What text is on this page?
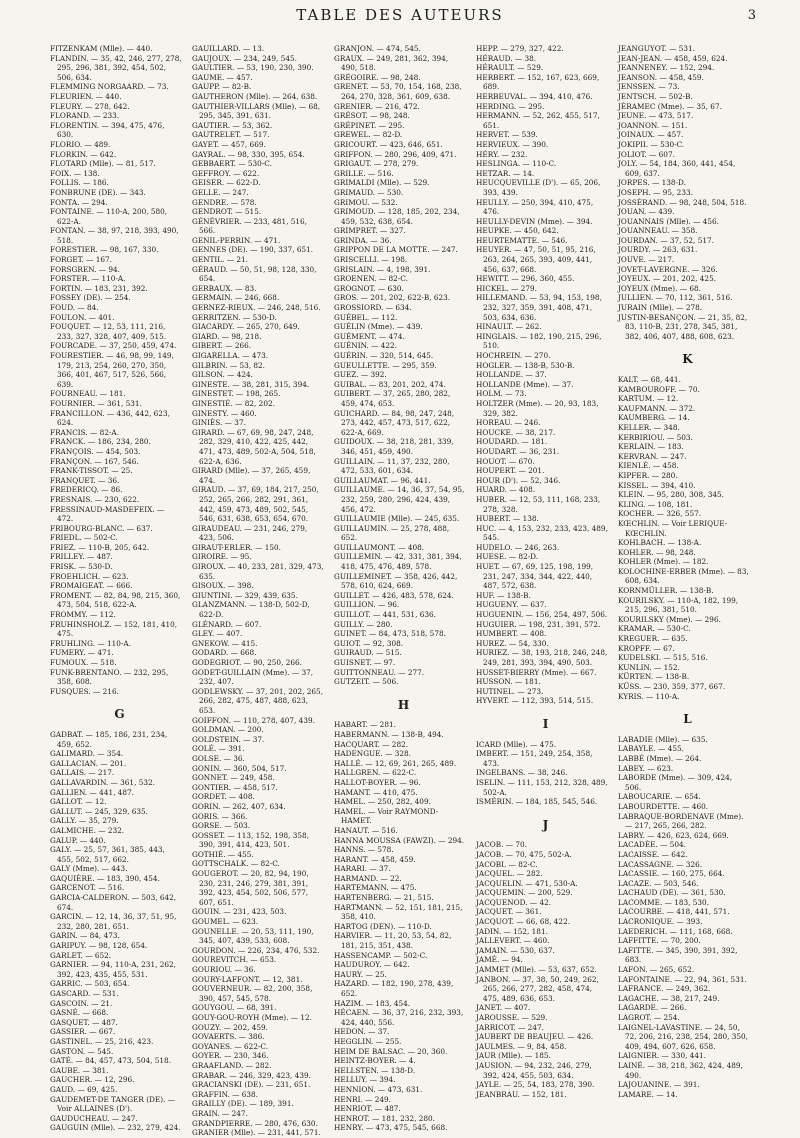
TABLE DES AUTEURS	3
FITZENKAM (Mlle). — 440.
FLANDIN. — 35, 42, 246, 277, 278, 295, 296, 381, 392, 454, 502, 506, 634.
FLEMMING NORGAARD. — 73.
FLEURIEN. — 440.
FLEURY. — 278, 642.
FLORAND. — 233.
FLORENTIN. — 394, 475, 476, 630.
FLORIO. — 489.
FLORKIN. — 642.
FLOTARD (Mlle). — 81, 517.
FOIX. — 138.
FOLLIS. — 186.
FONBRUNE (DE). — 343.
FONTA. — 294.
FONTAINE. — 110-A, 200, 580, 622-A.
FONTAN. — 38, 97, 218, 393, 490, 518.
FORESTIER. — 98, 167, 330.
FORGET. — 167.
FORSGREN. — 94.
FORSTER. — 110-A.
FORTIN. — 183, 231, 392.
FOSSEY (DE). — 254.
FOUD. — 84.
FOULON. — 401.
FOUQUET. — 12, 53, 111, 216, 233, 327, 328, 407, 409, 515.
FOURCADE. — 37, 250, 459, 474.
FOURESTIER. — 46, 98, 99, 149, 179, 213, 254, 260, 270, 350, 366, 401, 467, 517, 526, 566, 639.
FOURNEAU. — 181.
FOURNIER. — 361, 531.
FRANCILLON. — 436, 442, 623, 624.
FRANCIS. — 82-A.
FRANCK. — 186, 234, 280.
FRANÇOIS. — 454, 503.
FRANÇON. — 167, 546.
FRANK-TISSOT. — 25.
FRANQUET. — 36.
FREDERICQ. — 86.
FRESNAIS. — 230, 622.
FRESSINAUD-MASDEFEIX. — 472.
FRIBOURG-BLANC. — 637.
FRIEDL. — 502-C.
FRIEZ. — 110-B, 205, 642.
FRILLEY. — 487.
FRISK. — 530-D.
FROEHLICH. — 623.
FROMAIGEAT. — 666.
FROMENT. — 82, 84, 98, 215, 360, 473, 504, 518, 622-A.
FROMMY. — 112.
FRUHINSHOLZ. — 152, 181, 410, 475.
FRUHLING. — 110-A.
FUMERY. — 471.
FUMOUX. — 518.
FUNK-BRENTANO. — 232, 295, 358, 608.
FUSQUES. — 216.
G
GADBAT. — 185, 186, 231, 234, 459, 652.
GALIMARD. — 354.
GALLACIAN. — 201.
GALLAIS. — 217.
GALLAVARDIN. — 361, 532.
GALLIEN. — 441, 487.
GALLOT. — 12.
GALLUT. — 245, 329, 635.
GALLY. — 35, 279.
GALMICHE. — 232.
GALUP. — 440.
GALY. — 25, 57, 361, 385, 443, 455, 502, 517, 662.
GALY (Mme). — 443.
GAQUIÈRE. — 183, 390, 454.
GARCENOT. — 516.
GARCIA-CALDERON. — 503, 642, 674.
GARCIN. — 12, 14, 36, 37, 51, 95, 232, 280, 281, 651.
GARIN. — 84, 473.
GARIPUY. — 98, 128, 654.
GARLET. — 652.
GARNIER. — 94, 110-A, 231, 262, 392, 423, 435, 455, 531.
GARRIC. — 503, 654.
GASCARD. — 531.
GASCOIN. — 21.
GASNÉ. — 668.
GASQUET. — 487.
GASSIER. — 667.
GASTINEL. — 25, 216, 423.
GASTON. — 545.
GATÉ. — 84, 457, 473, 504, 518.
GAUBE. — 381.
GAUCHER. — 12, 296.
GAUD. — 69, 425.
GAUDEMET-DE TANGER (DE). — Voir ALLAINES (D').
GAUDUCHEAU. — 247.
GAUGUIN (Mlle). — 232, 279, 424.
GAUILLARD. — 13.
GAUJOUX. — 234, 249, 545.
GAULTIER. — 53, 190, 230, 390.
GAUME. — 457.
GAUPP. — 82-B.
GAUTHERON (Mlle). — 264, 638.
GAUTHIER-VILLARS (Mlle). — 68, 295, 345, 391, 631.
GAUTIER. — 53, 362.
GAUTRELET. — 517.
GAYET. — 457, 669.
GAYRAL. — 98, 330, 395, 654.
GEBBAERT. — 530-C.
GEFFROY. — 622.
GEISER. — 622-D.
GELLE. — 247.
GENDRE. — 578.
GENDROT. — 515.
GÉNÉVRIER. — 233, 481, 516, 566.
GENIL-PERRIN. — 471.
GENNES (DE). — 190, 337, 651.
GENTIL. — 21.
GÉRAUD. — 50, 51, 98, 128, 330, 654.
GERBAUX. — 83.
GERMAIN. — 246, 668.
GERNEZ-RIEUX. — 246, 248, 516.
GERRITZEN. — 530-D.
GIACARDY. — 265, 270, 649.
GIARD. — 98, 218.
GIBERT. — 266.
GIGARELLA. — 473.
GILBRIN. — 53, 82.
GILSON. — 424.
GINESTE. — 38, 281, 315, 394.
GINESTET. — 198, 265.
GINESTIÉ. — 82, 202.
GINESTY. — 460.
GINIÈS. — 37.
GIRARD. — 67, 69, 98, 247, 248, 282, 329, 410, 422, 425, 442, 471, 473, 489, 502-A, 504, 518, 622-A, 636.
GIRARD (Mlle). — 37, 265, 459, 474.
GIRAUD. — 37, 69, 184, 217, 250, 252, 265, 266, 282, 291, 361, 442, 459, 473, 489, 502, 545, 546, 631, 638, 653, 654, 670.
GIRAUDEAU. — 231, 246, 279, 423, 506.
GIRAUT-ERLER. — 150.
GIROIRE. — 95.
GIROUX. — 40, 233, 281, 329, 473, 635.
GISOUX. — 398.
GIUNTINI. — 329, 439, 635.
GLANZMANN. — 138-D, 502-D, 622-D.
GLÉNARD. — 607.
GLEY. — 407.
GNEKOW. — 415.
GODARD. — 668.
GODEGRIOT. — 90, 250, 266.
GODET-GUILLAIN (Mme). — 37, 232, 407.
GODLEWSKY. — 37, 201, 202, 265, 266, 282, 475, 487, 488, 623, 653.
GOIFFON. — 110, 278, 407, 439.
GOLDMAN. — 200.
GOLDSTEIN. — 37.
GOLÉ. — 391.
GOLSE. — 36.
GONIN. — 360, 504, 517.
GONNET. — 249, 458.
GONTIER. — 458, 517.
GORDET. — 408.
GORIN. — 262, 407, 634.
GORIS. — 366.
GORSE. — 503.
GOSSET. — 113, 152, 198, 358, 390, 391, 414, 423, 501.
GOTHIÉ. — 455.
GOTTSCHALK. — 82-C.
GOUGEROT. — 20, 82, 94, 190, 230, 231, 246, 279, 381, 391, 392, 423, 454, 502, 506, 577, 607, 651.
GOUIN. — 231, 423, 503.
GOUMEL. — 623.
GOUNELLE. — 20, 53, 111, 190, 345, 407, 439, 533, 608.
GOURDON. — 226, 234, 476, 532.
GOUREVITCH. — 653.
GOURIOU. — 36.
GOURY-LAFFONT. — 12, 381.
GOUVERNEUR. — 82, 200, 358, 390, 457, 545, 578.
GOUYGOU. — 68, 391.
GOUY-GOU-ROYH (Mme). — 12.
GOUZY. — 202, 459.
GOVAERTS. — 386.
GOYANES. — 622-C.
GOYER. — 230, 346.
GRAAFLAND. — 282.
GRABAR. — 246, 329, 423, 439.
GRACIANSKI (DE). — 231, 651.
GRAFFIN. — 638.
GRAILLY (DE). — 189, 391.
GRAIN. — 247.
GRANDPIERRE. — 280, 476, 630.
GRANIER (Mlle). — 231, 441, 571.
GRANJON. — 474, 545.
GRAUX. — 249, 281, 362, 394, 490, 518.
GRÉGOIRE. — 98, 248.
GRENET. — 53, 70, 154, 168, 238, 264, 270, 328, 361, 609, 638.
GRENIER. — 216, 472.
GRÉSOT. — 98, 248.
GRÉPINET. — 295.
GREWEL. — 82-D.
GRICOURT. — 423, 646, 651.
GRIFFON. — 280, 296, 409, 471.
GRIGAUT. — 278, 279.
GRILLE. — 516.
GRIMALDI (Mlle). — 529.
GRIMAUD. — 530.
GRIMOU. — 532.
GRIMOUD. — 128, 185, 202, 234, 459, 532, 638, 654.
GRIMPRET. — 327.
GRINDA. — 36.
GRIPPON DE LA MOTTE. — 247.
GRISCELLI. — 198.
GRISLAIN. — 4, 198, 391.
GROENEN. — 82-C.
GROGNOT. — 630.
GROS. — 201, 202, 622-B, 623.
GROSSIORD. — 634.
GUÉBEL. — 112.
GUÉLIN (Mme). — 439.
GUÉMENT. — 474.
GUÉNIN. — 422.
GUÉRIN. — 320, 514, 645.
GUEULLETTE. — 295, 359.
GUEZ. — 392.
GUIBAL. — 83, 201, 202, 474.
GUIBERT. — 37, 265, 280, 282, 459, 474, 653.
GUICHARD. — 84, 98, 247, 248, 273, 442, 457, 473, 517, 622, 622-A, 669.
GUIDOUX. — 38, 218, 281, 339, 346, 451, 459, 490.
GUILLAIN. — 11, 37, 232, 280, 472, 533, 601, 634.
GUILLAUMAT. — 96, 441.
GUILLAUME. — 14, 36, 37, 54, 95, 232, 259, 280, 296, 424, 439, 456, 472.
GUILLAUMIE (Mlle). — 245, 635.
GUILLAUMIN. — 25, 278, 488, 652.
GUILLAUMONT. — 408.
GUILLEMIN. — 42, 331, 381, 394, 418, 475, 476, 489, 578.
GUILLEMINET. — 358, 426, 442, 578, 610, 624, 669.
GUILLET. — 426, 483, 578, 624.
GUILLION. — 96.
GUILLOT. — 441, 531, 636.
GUILLY. — 280.
GUINET. — 84, 473, 518, 578.
GUIOT. — 92, 308.
GUIRAUD. — 515.
GUISNET. — 97.
GUITTONNEAU. — 277.
GUTZEIT. — 506.
H
HABART. — 281.
HABERMANN. — 138-B, 494.
HACQUART. — 282.
HADENGUE. — 328.
HALLÉ. — 12, 69, 261, 265, 489.
HALLGREN. — 622-C.
HALLOT-BOYER. — 96.
HAMANT. — 410, 475.
HAMEL. — 250, 282, 409.
HAMEL. — Voir RAYMOND-HAMET.
HANAUT. — 516.
HANNA MOUSSA (FAWZI). — 294.
HANNS. — 578.
HARANT. — 458, 459.
HARARI. — 37.
HARMAND. — 22.
HARTEMANN. — 475.
HARTENBERG. — 21, 515.
HARTMANN. — 52, 151, 181, 215, 358, 410.
HARTOG (DEN). — 110-D.
HARVIER. — 11, 20, 53, 54, 82, 181, 215, 351, 438.
HASSENCAMP. — 502-C.
HAUDUROY. — 642.
HAURY. — 25.
HAZARD. — 182, 190, 278, 439, 652.
HAZIM. — 183, 454.
HÉCAEN. — 36, 37, 216, 232, 393, 424, 440, 556.
HEDON. — 37.
HEGGLIN. — 255.
HEIM DE BALSAC. — 20, 360.
HEINTZ-BOYER. — 4.
HELLSTEN. — 138-D.
HELLUY. — 394.
HENNION. — 473, 631.
HENRI. — 249.
HENRIOT. — 487.
HENROT. — 181, 232, 280.
HENRY. — 473, 475, 545, 668.
HEPP. — 279, 327, 422.
HÉRAUD. — 38.
HÉRAULT. — 529.
HERBERT. — 152, 167, 623, 669, 689.
HERBEUVAL. — 394, 410, 476.
HERDING. — 295.
HERMANN. — 52, 262, 455, 517, 651.
HERVET. — 539.
HERVIEUX. — 390.
HÉRY. — 232.
HESLINGA. — 110-C.
HETZAR. — 14.
HEUCQUEVILLE (D'). — 65, 206, 393, 439.
HEULLY. — 250, 394, 410, 475, 476.
HEULLY-DEVIN (Mme). — 394.
HEUPKE. — 450, 642.
HEURTEMATTE. — 546.
HEUYER. — 47, 50, 51, 95, 216, 263, 264, 265, 393, 409, 441, 456, 637, 668.
HEWITT. — 296, 360, 455.
HICKEL. — 279.
HILLEMAND. — 53, 94, 153, 198, 232, 327, 359, 391, 408, 471, 503, 634, 636.
HINAULT. — 262.
HINGLAIS. — 182, 190, 215, 296, 510.
HOCHREIN. — 270.
HOGLER. — 138-B, 530-B.
HOLLANDE. — 37.
HOLLANDE (Mme). — 37.
HOLM. — 73.
HOLTZER (Mme). — 20, 93, 183, 329, 382.
HOREAU. — 246.
HOUCKE. — 38, 217.
HOUDARD. — 181.
HOUDART. — 36, 231.
HOUOT. — 670.
HOUPERT. — 201.
HOUR (D'). — 52, 346.
HUARD. — 408.
HUBER. — 12, 53, 111, 168, 233, 278, 328.
HUBERT. — 138.
HUC. — 4, 153, 232, 233, 423, 489, 545.
HUDELO. — 246, 263.
HUESE. — 82-D.
HUET. — 67, 69, 125, 198, 199, 231, 247, 334, 344, 422, 440, 487, 572, 638.
HUF. — 138-B.
HUGUENY. — 637.
HUGUENIN. — 156, 254, 497, 506.
HUGUIER. — 198, 231, 391, 572.
HUMBERT. — 408.
HUREZ. — 54, 330.
HURIEZ. — 38, 193, 218, 246, 248, 249, 281, 393, 394, 490, 503.
HUSSET-BIERRY (Mme). — 667.
HUSSON. — 181.
HUTINEL. — 273.
HYVERT. — 112, 393, 514, 515.
I
ICARD (Mlle). — 475.
IMBERT. — 151, 249, 254, 358, 473.
INGELBANS. — 38, 246.
ISELIN. — 111, 153, 212, 328, 489, 502-A.
ISMÉRIN. — 184, 185, 545, 546.
J
JACOB. — 70.
JACOB. — 70, 475, 502-A.
JACOBI. — 82-C.
JACQUEL. — 282.
JACQUELIN. — 471, 530-A.
JACQUEMIN. — 200, 529.
JACQUENOD. — 42.
JACQUET. — 361.
JACQUOT. — 66, 68, 422.
JADIN. — 152, 181.
JALLEVERT. — 460.
JAMAIN. — 530, 637.
JAMÉ. — 94.
JAMMET (Mlle). — 53, 637, 652.
JANBON. — 37, 38, 50, 249, 262, 265, 266, 277, 282, 458, 474, 475, 489, 636, 653.
JANET. — 407.
JAROUSSE. — 529.
JARRICOT. — 247.
JAUBERT DE BEAUJEU. — 426.
JAULMES. — 9, 84, 458.
JAUR (Mlle). — 185.
JAUSION. — 94, 232, 246, 279, 392, 424, 455, 503, 634.
JAYLE. — 25, 54, 183, 278, 390.
JEANBRAU. — 152, 181.
JEANGUYOT. — 531.
JEAN-JEAN. — 458, 459, 624.
JEANNENEY. — 152, 294.
JEANSON. — 458, 459.
JENSSEN. — 73.
JENTSCH. — 502-B.
JÉRAMEC (Mme). — 35, 67.
JEUNE. — 473, 517.
JOANNON. — 151.
JOINAUX. — 457.
JOKIPII. — 530-C.
JOLIOT. — 607.
JOLY. — 54, 184, 360, 441, 454, 609, 637.
JORPES. — 138-D.
JOSEPH. — 95, 233.
JOSSÉRAND. — 98, 248, 504, 518.
JOUAN. — 439.
JOUANNAIS (Mlle). — 456.
JOUANNEAU. — 358.
JOURDAN. — 37, 52, 517.
JOURDY. — 263, 631.
JOUVE. — 217.
JOVET-LAVERGNE. — 326.
JOYEUX. — 201, 202, 425.
JOYEUX (Mme). — 68.
JULLIEN. — 70, 112, 361, 516.
JURAIN (Mlle). — 278.
JUSTIN-BESANÇON. — 21, 35, 82, 83, 110-B, 231, 278, 345, 381, 382, 406, 407, 488, 608, 623.
K
KALT. — 68, 441.
KAMBOUROFF. — 70.
KARTUM. — 12.
KAUFMANN. — 372.
KAUMBERG. — 14.
KELLER. — 348.
KERBIRIOU. — 503.
KERLAIN. — 183.
KERVRAN. — 247.
KIENLÉ. — 458.
KIPFER. — 280.
KISSEL. — 394, 410.
KLEIN. — 95, 280, 308, 345.
KLING. — 108, 181.
KOCHER. — 326, 557.
KŒCHLIN. — Voir LERIQUE-KŒCHLIN.
KOHLBACH. — 138-A.
KOHLER. — 98, 248.
KOHLER (Mme). — 182.
KOLOCHINE-ERBER (Mme). — 83, 608, 634.
KORNMÜLLER. — 138-B.
KOURILSKY. — 110-A, 182, 199, 215, 296, 381, 510.
KOURILSKY (Mme). — 296.
KRAMAR. — 530-C.
KREGUER. — 635.
KROPFF. — 67.
KUDELSKI. — 515, 516.
KUNLIN. — 152.
KÜRTEN. — 138-B.
KÜSS. — 230, 359, 377, 667.
KYRIS. — 110-A.
L
LABADIE (Mlle). — 635.
LABAYLE. — 455.
LABBÉ (Mme). — 264.
LABEY. — 623.
LABORDE (Mme). — 309, 424, 506.
LABOUCARIE. — 654.
LABOURDETTE. — 460.
LABRAQUE-BORDENAVE (Mme). — 217, 265, 266, 282.
LABRY. — 426, 623, 624, 669.
LACADÉE. — 504.
LACAISSE. — 642.
LACASSAGNE. — 326.
LACASSIE. — 160, 275, 664.
LACAZE. — 503, 546.
LACHAUD (DE). — 361, 530.
LACOMME. — 183, 530.
LACOURBE. — 418, 441, 571.
LACRONIQUE. — 393.
LAEDERICH. — 111, 168, 668.
LAFFITTE. — 70, 200.
LAFITTE. — 345, 390, 391, 392, 683.
LAFON. — 265, 652.
LAFONTAINE. — 22, 94, 361, 531.
LAFRANCE. — 249, 362.
LAGACHE. — 38, 217, 249.
LAGARDE. — 266.
LAGROT. — 254.
LAIGNEL-LAVASTINE. — 24, 50, 72, 206, 216, 238, 254, 280, 350, 409, 494, 607, 626, 658.
LAIGNIER. — 330, 441.
LAINÉ. — 38, 218, 362, 424, 489, 490.
LAJOUANINE. — 391.
LAMARE. — 14.
